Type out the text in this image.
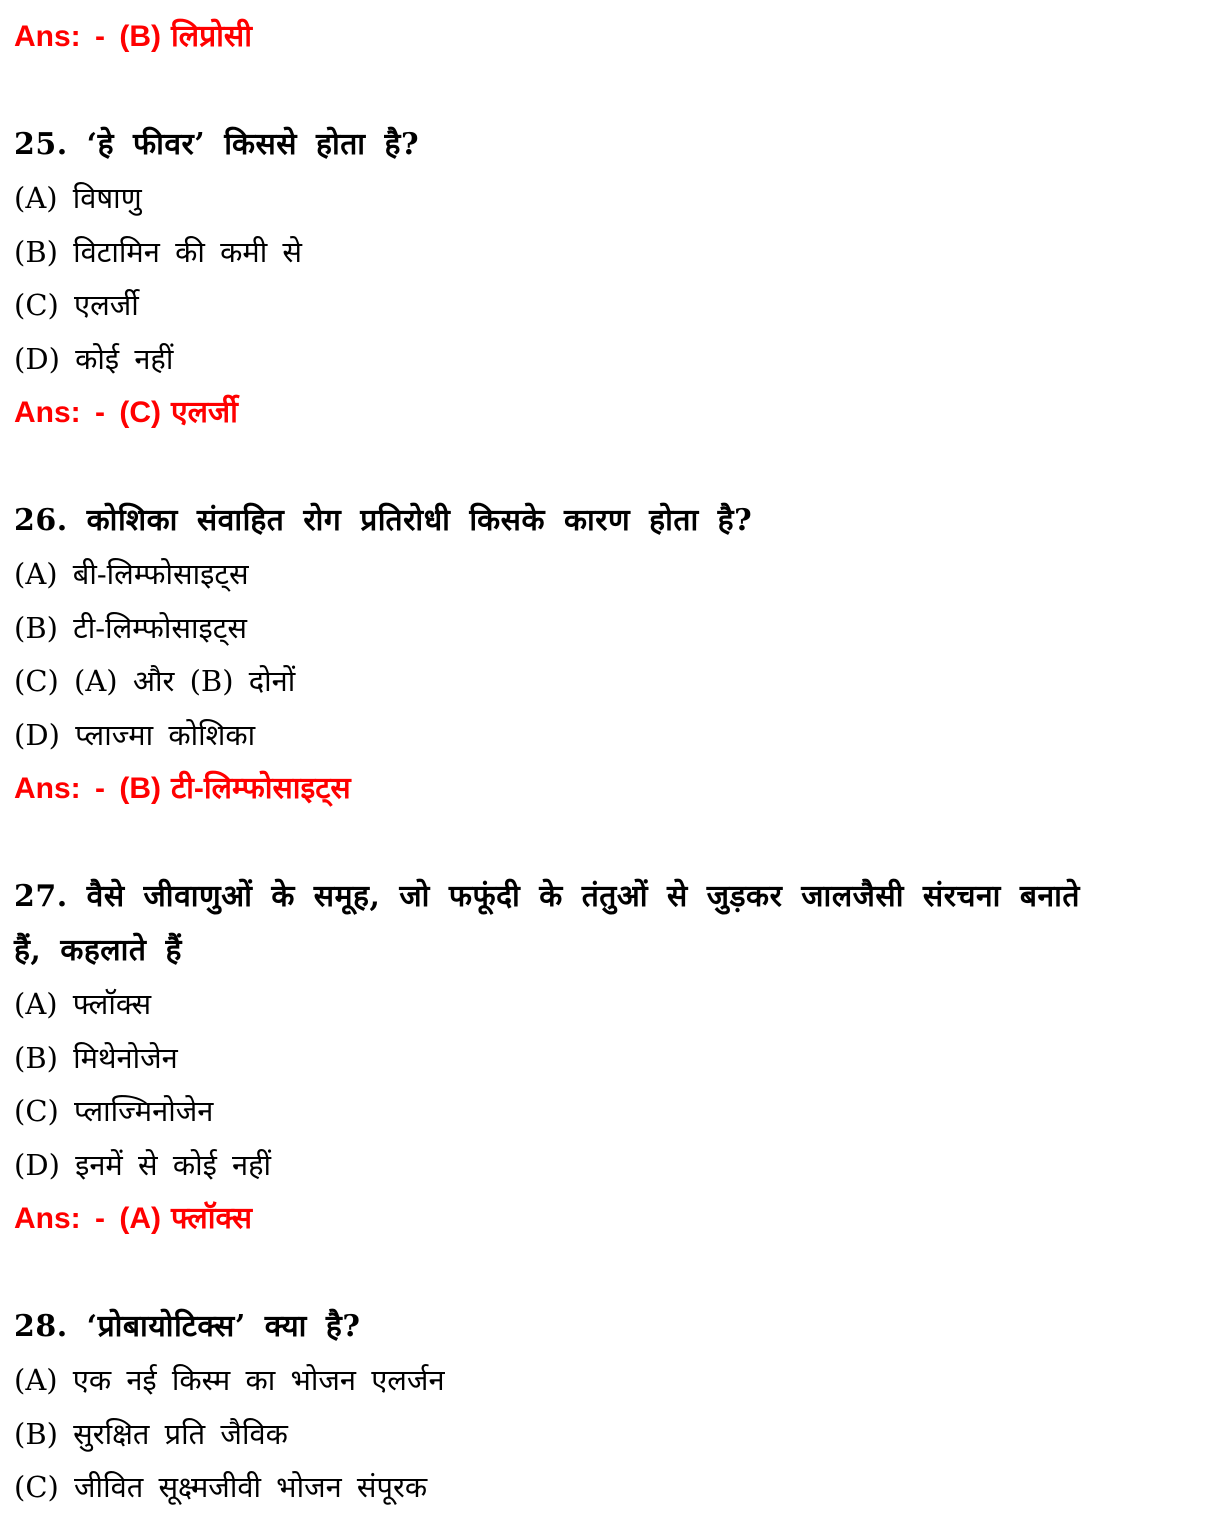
Ans: - (B) लिप्रोसी
25. ‘हे फीवर’ किससे होता है?
(A) विषाणु
(B) विटामिन की कमी से
(C) एलर्जी
(D) कोई नहीं
Ans: - (C) एलर्जी
26. कोशिका संवाहित रोग प्रतिरोधी किसके कारण होता है?
(A) बी-लिम्फोसाइट्स
(B) टी-लिम्फोसाइट्स
(C) (A) और (B) दोनों
(D) प्लाज्मा कोशिका
Ans: - (B) टी-लिम्फोसाइट्स
27. वैसे जीवाणुओं के समूह, जो फफूंदी के तंतुओं से जुड़कर जालजैसी संरचना बनाते
हैं, कहलाते हैं
(A) फ्लॉक्स
(B) मिथेनोजेन
(C) प्लाज्मिनोजेन
(D) इनमें से कोई नहीं
Ans: - (A) फ्लॉक्स
28. ‘प्रोबायोटिक्स’ क्या है?
(A) एक नई किस्म का भोजन एलर्जन
(B) सुरक्षित प्रति जैविक
(C) जीवित सूक्ष्मजीवी भोजन संपूरक
